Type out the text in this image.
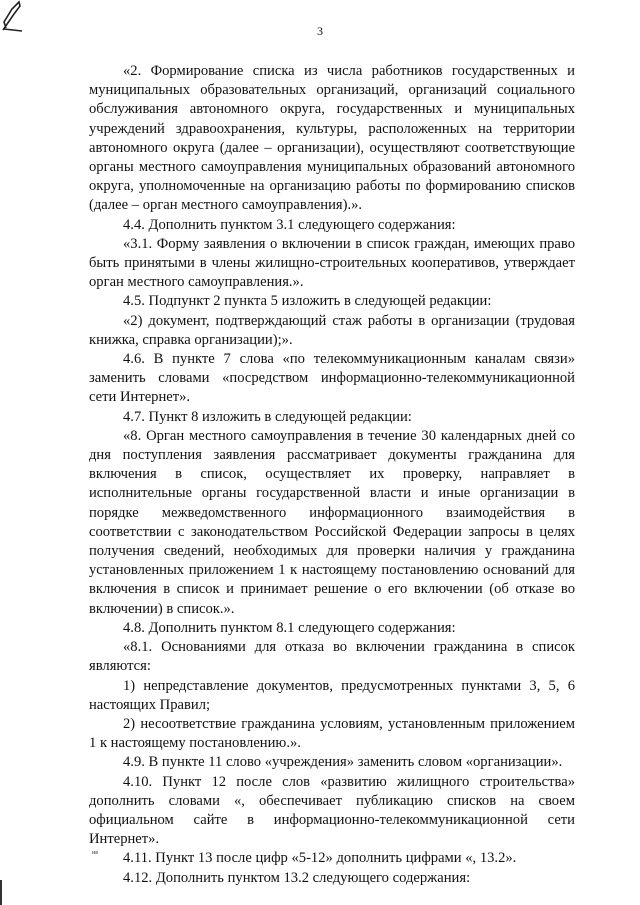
3

«2. Формирование списка из числа работников государственных и муниципальных образовательных организаций, организаций социального обслуживания автономного округа, государственных и муниципальных учреждений здравоохранения, культуры, расположенных на территории автономного округа (далее – организации), осуществляют соответствующие органы местного самоуправления муниципальных образований автономного округа, уполномоченные на организацию работы по формированию списков (далее – орган местного самоуправления).».

4.4. Дополнить пунктом 3.1 следующего содержания:

«3.1. Форму заявления о включении в список граждан, имеющих право быть принятыми в члены жилищно-строительных кооперативов, утверждает орган местного самоуправления.».

4.5. Подпункт 2 пункта 5 изложить в следующей редакции:

«2) документ, подтверждающий стаж работы в организации (трудовая книжка, справка организации);».

4.6. В пункте 7 слова «по телекоммуникационным каналам связи» заменить словами «посредством информационно-телекоммуникационной сети Интернет».

4.7. Пункт 8 изложить в следующей редакции:

«8. Орган местного самоуправления в течение 30 календарных дней со дня поступления заявления рассматривает документы гражданина для включения в список, осуществляет их проверку, направляет в исполнительные органы государственной власти и иные организации в порядке межведомственного информационного взаимодействия в соответствии с законодательством Российской Федерации запросы в целях получения сведений, необходимых для проверки наличия у гражданина установленных приложением 1 к настоящему постановлению оснований для включения в список и принимает решение о его включении (об отказе во включении) в список.».

4.8. Дополнить пунктом 8.1 следующего содержания:

«8.1. Основаниями для отказа во включении гражданина в список являются:

1) непредставление документов, предусмотренных пунктами 3, 5, 6 настоящих Правил;

2) несоответствие гражданина условиям, установленным приложением 1 к настоящему постановлению.».

4.9. В пункте 11 слово «учреждения» заменить словом «организации».

4.10. Пункт 12 после слов «развитию жилищного строительства» дополнить словами «, обеспечивает публикацию списков на своем официальном сайте в информационно-телекоммуникационной сети Интернет».

4.11. Пункт 13 после цифр «5-12» дополнить цифрами «, 13.2».

4.12. Дополнить пунктом 13.2 следующего содержания:

ив
